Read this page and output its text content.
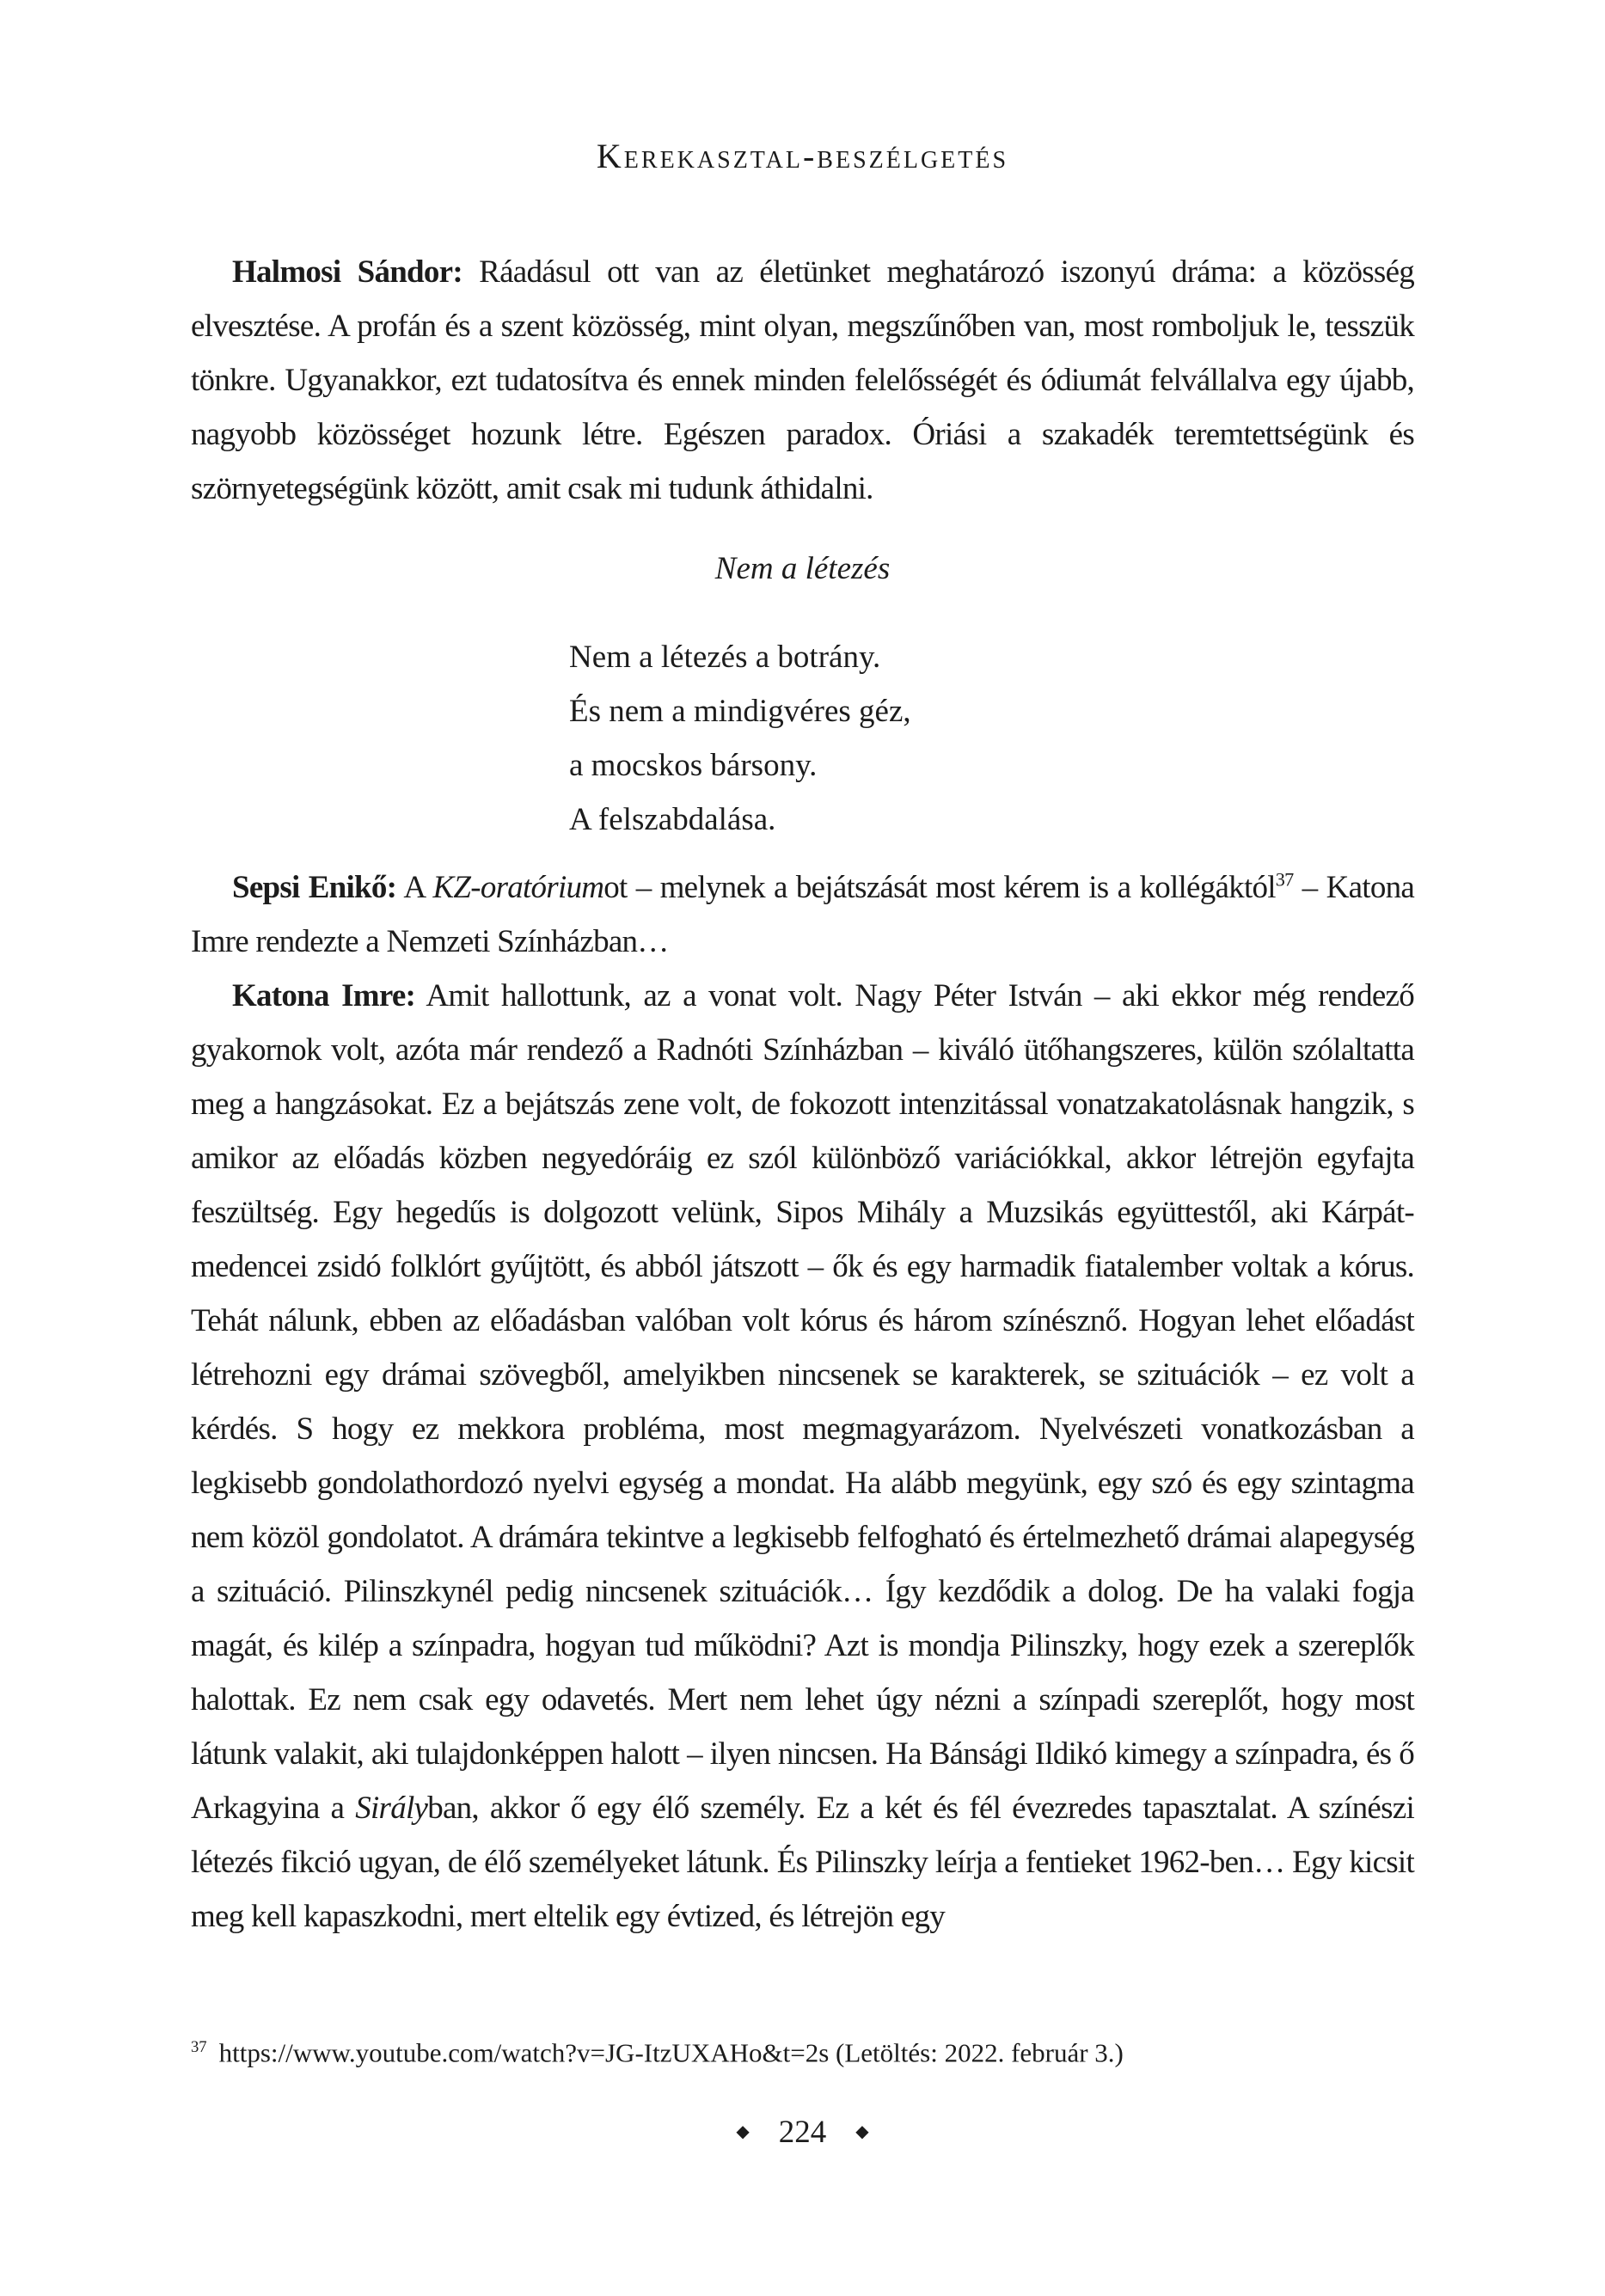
Kerekasztal-beszélgetés

Halmosi Sándor: Ráadásul ott van az életünket meghatározó iszonyú dráma: a közösség elvesztése. A profán és a szent közösség, mint olyan, megszűnőben van, most romboljuk le, tesszük tönkre. Ugyanakkor, ezt tudatosítva és ennek minden felelősségét és ódiumát felvállalva egy újabb, nagyobb közösséget hozunk létre. Egészen paradox. Óriási a szakadék teremtettségünk és szörnyetegségünk között, amit csak mi tudunk áthidalni.

Nem a létezés
Nem a létezés a botrány.
És nem a mindigvéres géz,
a mocskos bársony.
A felszabdalása.

Sepsi Enikő: A KZ-oratóriumot – melynek a bejátszását most kérem is a kollégáktól$^{37}$ – Katona Imre rendezte a Nemzeti Színházban…

Katona Imre: Amit hallottunk, az a vonat volt. Nagy Péter István – aki ekkor még rendező gyakornok volt, azóta már rendező a Radnóti Színházban – kiváló ütőhangszeres, külön szólaltatta meg a hangzásokat. Ez a bejátszás zene volt, de fokozott intenzitással vonatzakatolásnak hangzik, s amikor az előadás közben negyedóráig ez szól különböző variációkkal, akkor létrejön egyfajta feszültség. Egy hegedűs is dolgozott velünk, Sipos Mihály a Muzsikás együttestől, aki Kárpát-medencei zsidó folklórt gyűjtött, és abból játszott – ők és egy harmadik fiatalember voltak a kórus. Tehát nálunk, ebben az előadásban valóban volt kórus és három színésznő. Hogyan lehet előadást létrehozni egy drámai szövegből, amelyikben nincsenek se karakterek, se szituációk – ez volt a kérdés. S hogy ez mekkora probléma, most megmagyarázom. Nyelvészeti vonatkozásban a legkisebb gondolathordozó nyelvi egység a mondat. Ha alább megyünk, egy szó és egy szintagma nem közöl gondolatot. A drámára tekintve a legkisebb felfogható és értelmezhető drámai alapegység a szituáció. Pilinszkynél pedig nincsenek szituációk… Így kezdődik a dolog. De ha valaki fogja magát, és kilép a színpadra, hogyan tud működni? Azt is mondja Pilinszky, hogy ezek a szereplők halottak. Ez nem csak egy odavetés. Mert nem lehet úgy nézni a színpadi szereplőt, hogy most látunk valakit, aki tulajdonképpen halott – ilyen nincsen. Ha Bánsági Ildikó kimegy a színpadra, és ő Arkagyina a Sirályban, akkor ő egy élő személy. Ez a két és fél évezredes tapasztalat. A színészi létezés fikció ugyan, de élő személyeket látunk. És Pilinszky leírja a fentieket 1962-ben… Egy kicsit meg kell kapaszkodni, mert eltelik egy évtized, és létrejön egy

$^{37}$ https://www.youtube.com/watch?v=JG-ItzUXAHo&t=2s (Letöltés: 2022. február 3.)
◆ 224 ◆
